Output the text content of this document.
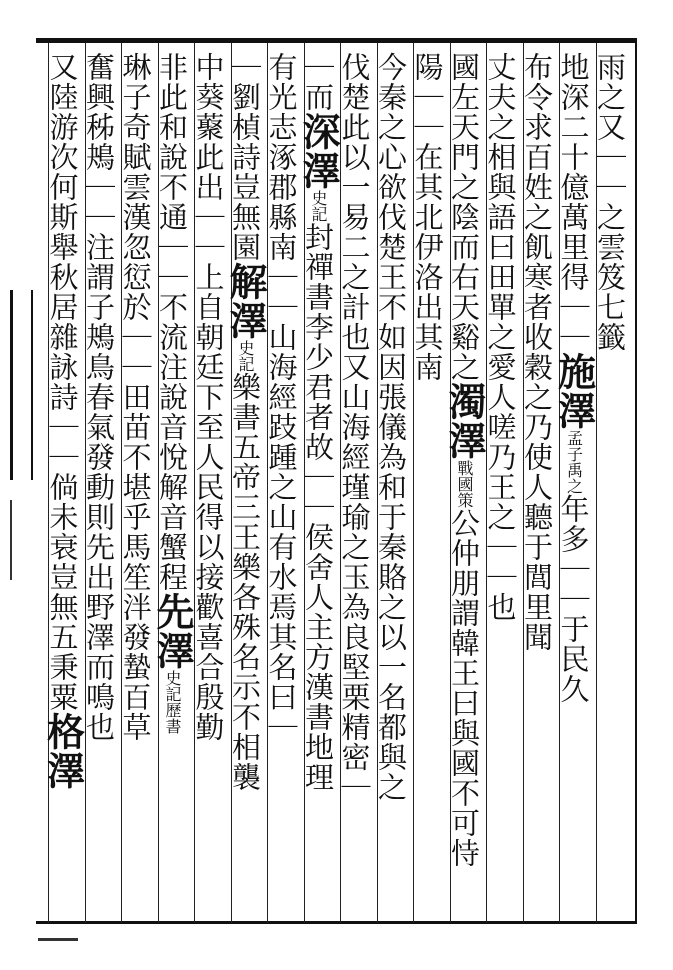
雨之又｜｜之雲笈七籤
地深二十億萬里得｜｜施澤孟子禹之年多｜｜于民久
布令求百姓之飢寒者收穀之乃使人聽于閭里聞
丈夫之相與語曰田單之愛人嗟乃王之｜｜也
國左天門之陰而右天谿之濁澤戰國策公仲朋謂韓王曰與國不可恃
陽｜｜在其北伊洛出其南
今秦之心欲伐楚王不如因張儀為和于秦賂之以一名都與之
伐楚此以一易二之計也又山海經瑾瑜之玉為良堅栗精密｜
｜而深澤史記封禪書李少君者故｜｜侯舍人主方漢書地理
有光志涿郡縣南｜｜山海經跂踵之山有水焉其名曰｜
｜劉楨詩豈無園解澤史記樂書五帝三王樂各殊名示不相襲
中葵藂此出｜｜上自朝廷下至人民得以接歡喜合殷勤
非此和說不通｜｜不流注說音悅解音蟹程先澤史記歷書
琳子奇賦雲漢忽愆於｜｜田苗不堪乎馬笙泮發蟄百草
奮興秭鴂｜｜注謂子鴂鳥春氣發動則先出野澤而鳴也
又陸游次何斯舉秋居雜詠詩｜｜倘未衰豈無五秉粟格澤
